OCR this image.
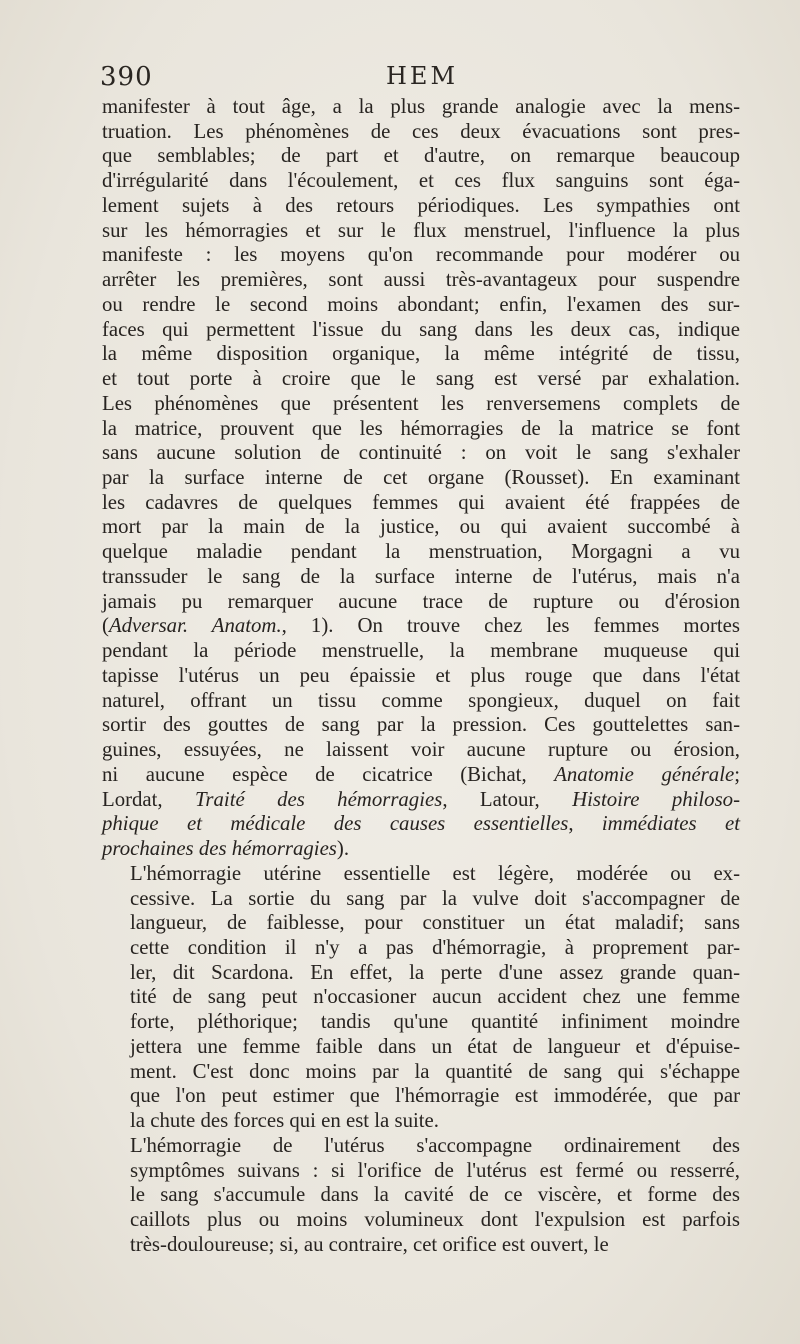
390	HEM
manifester à tout âge, a la plus grande analogie avec la mens-
truation. Les phénomènes de ces deux évacuations sont pres-
que semblables; de part et d'autre, on remarque beaucoup
d'irrégularité dans l'écoulement, et ces flux sanguins sont éga-
lement sujets à des retours périodiques. Les sympathies ont
sur les hémorragies et sur le flux menstruel, l'influence la plus
manifeste : les moyens qu'on recommande pour modérer ou
arrêter les premières, sont aussi très-avantageux pour suspendre
ou rendre le second moins abondant; enfin, l'examen des sur-
faces qui permettent l'issue du sang dans les deux cas, indique
la même disposition organique, la même intégrité de tissu,
et tout porte à croire que le sang est versé par exhalation.
Les phénomènes que présentent les renversemens complets de
la matrice, prouvent que les hémorragies de la matrice se font
sans aucune solution de continuité : on voit le sang s'exhaler
par la surface interne de cet organe (Rousset). En examinant
les cadavres de quelques femmes qui avaient été frappées de
mort par la main de la justice, ou qui avaient succombé à
quelque maladie pendant la menstruation, Morgagni a vu
transsuder le sang de la surface interne de l'utérus, mais n'a
jamais pu remarquer aucune trace de rupture ou d'érosion
(Adversar. Anatom., 1). On trouve chez les femmes mortes
pendant la période menstruelle, la membrane muqueuse qui
tapisse l'utérus un peu épaissie et plus rouge que dans l'état
naturel, offrant un tissu comme spongieux, duquel on fait
sortir des gouttes de sang par la pression. Ces gouttelettes san-
guines, essuyées, ne laissent voir aucune rupture ou érosion,
ni aucune espèce de cicatrice (Bichat, Anatomie générale;
Lordat, Traité des hémorragies, Latour, Histoire philoso-
phique et médicale des causes essentielles, immédiates et
prochaines des hémorragies).
L'hémorragie utérine essentielle est légère, modérée ou ex-
cessive. La sortie du sang par la vulve doit s'accompagner de
langueur, de faiblesse, pour constituer un état maladif; sans
cette condition il n'y a pas d'hémorragie, à proprement par-
ler, dit Scardona. En effet, la perte d'une assez grande quan-
tité de sang peut n'occasioner aucun accident chez une femme
forte, pléthorique; tandis qu'une quantité infiniment moindre
jettera une femme faible dans un état de langueur et d'épuise-
ment. C'est donc moins par la quantité de sang qui s'échappe
que l'on peut estimer que l'hémorragie est immodérée, que par
la chute des forces qui en est la suite.
L'hémorragie de l'utérus s'accompagne ordinairement des
symptômes suivans : si l'orifice de l'utérus est fermé ou resserré,
le sang s'accumule dans la cavité de ce viscère, et forme des
caillots plus ou moins volumineux dont l'expulsion est parfois
très-douloureuse; si, au contraire, cet orifice est ouvert, le
